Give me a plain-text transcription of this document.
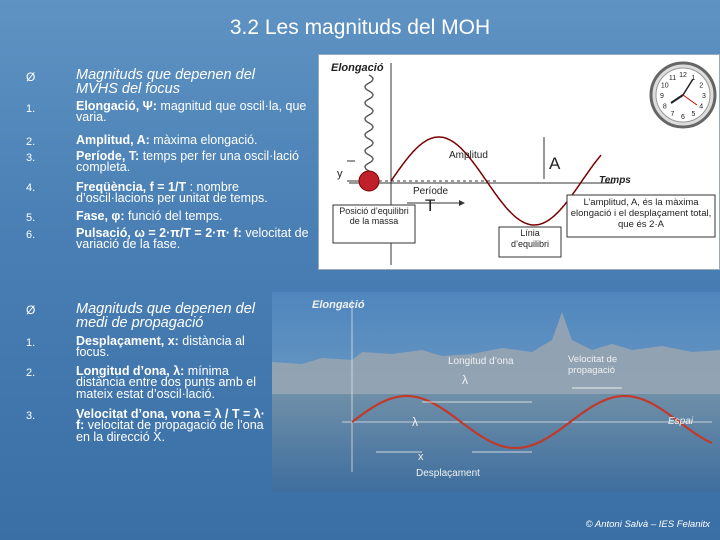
3.2 Les magnituds del MOH
Ø	Magnituds que depenen del MVHS del focus
1.	Elongació, Ψ: magnitud que oscil·la, que varia.
2.	Amplitud, A: màxima elongació.
3.	Període, T: temps per fer una oscil·lació completa.
4.	Freqüència, f = 1/T : nombre d’oscil·lacions per unitat de temps.
5.	Fase, φ: funció del temps.
6.	Pulsació, ω = 2·π/T = 2·π· f: velocitat de variació de la fase.
Ø	Magnituds que depenen del medi de propagació
1.	Desplaçament, x: distància al focus.
2.	Longitud d’ona, λ: mínima distància entre dos punts amb el mateix estat d’oscil·lació.
3.	Velocitat d’ona, vona = λ / T = λ· f: velocitat de propagació de l’ona en la direcció X.
Elongació
Temps
y
Amplitud	A
Període
T
Posició d’equilibri de la massa
Línia d’equilibri
L’amplitud, A, és la màxima elongació i el desplaçament total, que és 2·A
12 1
2
3
4
5
6
7
8
9
10
11
Elongació
Longitud d’ona
λ
λ
Velocitat de propagació
Espai
x
Desplaçament
© Antoni Salvà – IES Felanitx
